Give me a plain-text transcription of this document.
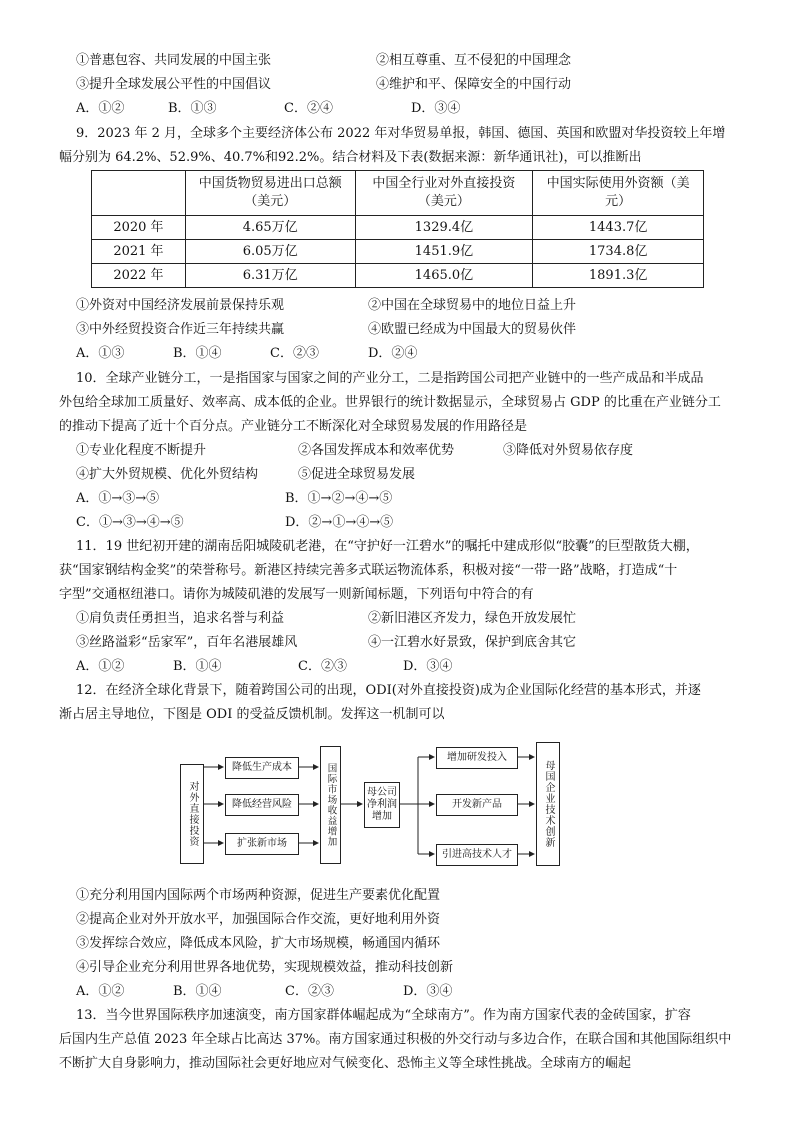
①普惠包容、共同发展的中国主张	②相互尊重、互不侵犯的中国理念
③提升全球发展公平性的中国倡议	④维护和平、保障安全的中国行动
A．①②	B．①③	C．②④	D．③④
9．2023 年 2 月，全球多个主要经济体公布 2022 年对华贸易单报，韩国、德国、英国和欧盟对华投资较上年增
幅分别为 64.2%、52.9%、40.7%和92.2%。结合材料及下表(数据来源：新华通讯社)，可以推断出
	中国货物贸易进出口总额（美元）	中国全行业对外直接投资（美元）	中国实际使用外资额（美元）
2020 年	4.65万亿	1329.4亿	1443.7亿
2021 年	6.05万亿	1451.9亿	1734.8亿
2022 年	6.31万亿	1465.0亿	1891.3亿
①外资对中国经济发展前景保持乐观	②中国在全球贸易中的地位日益上升
③中外经贸投资合作近三年持续共赢	④欧盟已经成为中国最大的贸易伙伴
A．①③	B．①④	C．②③	D．②④
10．全球产业链分工，一是指国家与国家之间的产业分工，二是指跨国公司把产业链中的一些产成品和半成品
外包给全球加工质量好、效率高、成本低的企业。世界银行的统计数据显示，全球贸易占 GDP 的比重在产业链分工
的推动下提高了近十个百分点。产业链分工不断深化对全球贸易发展的作用路径是
①专业化程度不断提升	②各国发挥成本和效率优势	③降低对外贸易依存度
④扩大外贸规模、优化外贸结构	⑤促进全球贸易发展
A．①→③→⑤	B．①→②→④→⑤
C．①→③→④→⑤	D．②→①→④→⑤
11．19 世纪初开建的湖南岳阳城陵矶老港，在“守护好一江碧水”的嘱托中建成形似“胶囊”的巨型散货大棚，
获“国家钢结构金奖”的荣誉称号。新港区持续完善多式联运物流体系，积极对接“一带一路”战略，打造成“十
字型”交通枢纽港口。请你为城陵矶港的发展写一则新闻标题，下列语句中符合的有
①肩负责任勇担当，追求名誉与利益	②新旧港区齐发力，绿色开放发展忙
③丝路溢彩“岳家军”，百年名港展雄风	④一江碧水好景致，保护到底舍其它
A．①②	B．①④	C．②③	D．③④
12．在经济全球化背景下，随着跨国公司的出现，ODI(对外直接投资)成为企业国际化经营的基本形式，并逐
渐占居主导地位，下图是 ODI 的受益反馈机制。发挥这一机制可以
对外直接投资
降低生产成本
降低经营风险
扩张新市场	国际市场收益增加	母公司净利润增加
增加研发投入
开发新产品
引进高技术人才
母国企业技术创新
①充分利用国内国际两个市场两种资源，促进生产要素优化配置
②提高企业对外开放水平，加强国际合作交流，更好地利用外资
③发挥综合效应，降低成本风险，扩大市场规模，畅通国内循环
④引导企业充分利用世界各地优势，实现规模效益，推动科技创新
A．①②	B．①④	C．②③	D．③④
13．当今世界国际秩序加速演变，南方国家群体崛起成为“全球南方”。作为南方国家代表的金砖国家，扩容
后国内生产总值 2023 年全球占比高达 37%。南方国家通过积极的外交行动与多边合作，在联合国和其他国际组织中
不断扩大自身影响力，推动国际社会更好地应对气候变化、恐怖主义等全球性挑战。全球南方的崛起
